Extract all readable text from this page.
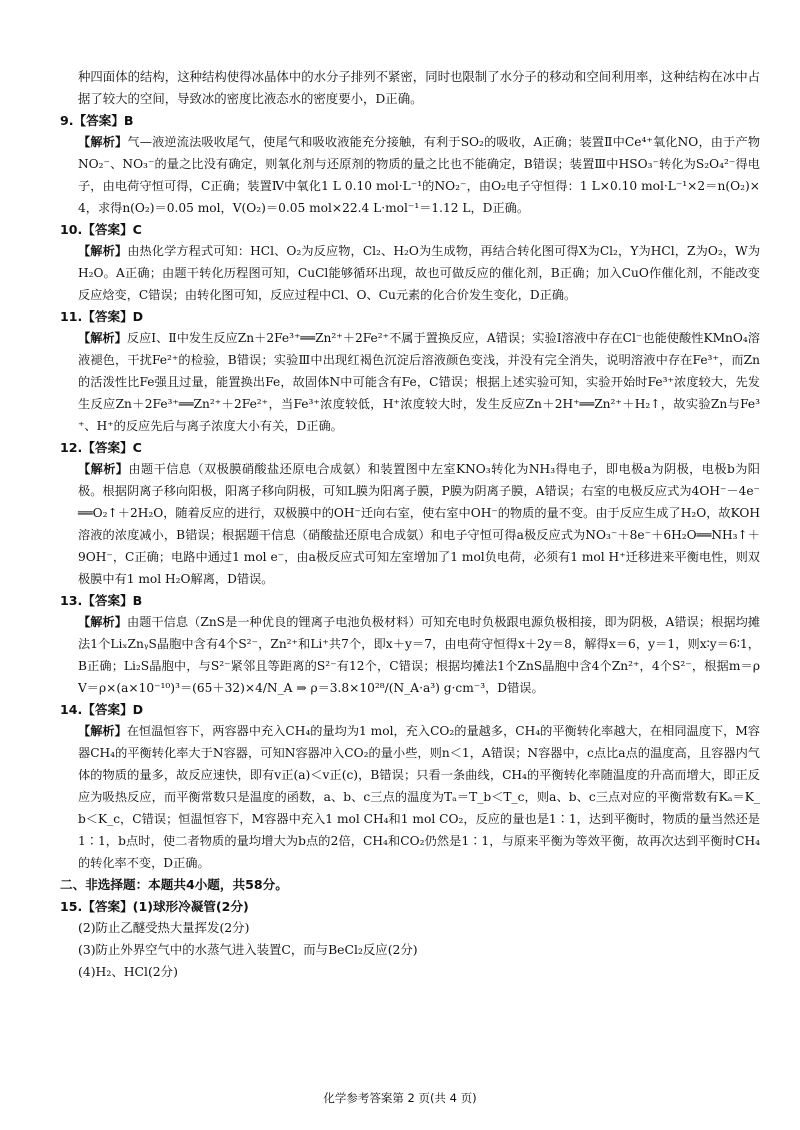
种四面体的结构，这种结构使得冰晶体中的水分子排列不紧密，同时也限制了水分子的移动和空间利用率，这种结构在冰中占据了较大的空间，导致冰的密度比液态水的密度要小，D正确。

9.【答案】B

【解析】气—液逆流法吸收尾气，使尾气和吸收液能充分接触，有利于SO₂的吸收，A正确；装置Ⅱ中Ce⁴⁺氧化NO，由于产物NO₂⁻、NO₃⁻的量之比没有确定，则氧化剂与还原剂的物质的量之比也不能确定，B错误；装置Ⅲ中HSO₃⁻转化为S₂O₄²⁻得电子，由电荷守恒可得，C正确；装置Ⅳ中氧化1 L 0.10 mol·L⁻¹的NO₂⁻，由O₂电子守恒得：1 L×0.10 mol·L⁻¹×2＝n(O₂)×4，求得n(O₂)＝0.05 mol，V(O₂)＝0.05 mol×22.4 L·mol⁻¹＝1.12 L，D正确。

10.【答案】C

【解析】由热化学方程式可知：HCl、O₂为反应物，Cl₂、H₂O为生成物，再结合转化图可得X为Cl₂，Y为HCl，Z为O₂，W为H₂O。A正确；由题干转化历程图可知，CuCl能够循环出现，故也可做反应的催化剂，B正确；加入CuO作催化剂，不能改变反应焓变，C错误；由转化图可知，反应过程中Cl、O、Cu元素的化合价发生变化，D正确。

11.【答案】D

【解析】反应Ⅰ、Ⅱ中发生反应Zn＋2Fe³⁺══Zn²⁺＋2Fe²⁺不属于置换反应，A错误；实验Ⅰ溶液中存在Cl⁻也能使酸性KMnO₄溶液褪色，干扰Fe²⁺的检验，B错误；实验Ⅲ中出现红褐色沉淀后溶液颜色变浅，并没有完全消失，说明溶液中存在Fe³⁺，而Zn的活泼性比Fe强且过量，能置换出Fe，故固体N中可能含有Fe，C错误；根据上述实验可知，实验开始时Fe³⁺浓度较大，先发生反应Zn＋2Fe³⁺══Zn²⁺＋2Fe²⁺，当Fe³⁺浓度较低，H⁺浓度较大时，发生反应Zn＋2H⁺══Zn²⁺＋H₂↑，故实验Zn与Fe³⁺、H⁺的反应先后与离子浓度大小有关，D正确。

12.【答案】C

【解析】由题干信息（双极膜硝酸盐还原电合成氨）和装置图中左室KNO₃转化为NH₃得电子，即电极a为阴极，电极b为阳极。根据阴离子移向阳极，阳离子移向阴极，可知L膜为阳离子膜，P膜为阴离子膜，A错误；右室的电极反应式为4OH⁻－4e⁻══O₂↑＋2H₂O，随着反应的进行，双极膜中的OH⁻迁向右室，使右室中OH⁻的物质的量不变。由于反应生成了H₂O，故KOH溶液的浓度减小，B错误；根据题干信息（硝酸盐还原电合成氨）和电子守恒可得a极反应式为NO₃⁻＋8e⁻＋6H₂O══NH₃↑＋9OH⁻，C正确；电路中通过1 mol e⁻，由a极反应式可知左室增加了1 mol负电荷，必须有1 mol H⁺迁移进来平衡电性，则双极膜中有1 mol H₂O解离，D错误。

13.【答案】B

【解析】由题干信息（ZnS是一种优良的锂离子电池负极材料）可知充电时负极跟电源负极相接，即为阴极，A错误；根据均摊法1个LiₓZnᵧS晶胞中含有4个S²⁻，Zn²⁺和Li⁺共7个，即x＋y＝7，由电荷守恒得x＋2y＝8，解得x＝6，y＝1，则x∶y＝6∶1，B正确；Li₂S晶胞中，与S²⁻紧邻且等距离的S²⁻有12个，C错误；根据均摊法1个ZnS晶胞中含4个Zn²⁺，4个S²⁻，根据m＝ρV＝ρ×(a×10⁻¹⁰)³＝(65＋32)×4/N_A ⇒ ρ＝3.8×10²⁸/(N_A·a³) g·cm⁻³，D错误。

14.【答案】D

【解析】在恒温恒容下，两容器中充入CH₄的量均为1 mol，充入CO₂的量越多，CH₄的平衡转化率越大，在相同温度下，M容器CH₄的平衡转化率大于N容器，可知N容器冲入CO₂的量小些，则n＜1，A错误；N容器中，c点比a点的温度高，且容器内气体的物质的量多，故反应速快，即有v正(a)＜v正(c)，B错误；只看一条曲线，CH₄的平衡转化率随温度的升高而增大，即正反应为吸热反应，而平衡常数只是温度的函数，a、b、c三点的温度为Tₐ＝T_b＜T_c，则a、b、c三点对应的平衡常数有Kₐ＝K_b＜K_c，C错误；恒温恒容下，M容器中充入1 mol CH₄和1 mol CO₂，反应的量也是1∶1，达到平衡时，物质的量当然还是1∶1，b点时，使二者物质的量均增大为b点的2倍，CH₄和CO₂仍然是1∶1，与原来平衡为等效平衡，故再次达到平衡时CH₄的转化率不变，D正确。

二、非选择题：本题共4小题，共58分。
15.【答案】(1)球形冷凝管(2分)

(2)防止乙醚受热大量挥发(2分)

(3)防止外界空气中的水蒸气进入装置C，而与BeCl₂反应(2分)

(4)H₂、HCl(2分)

化学参考答案第 2 页(共 4 页)
